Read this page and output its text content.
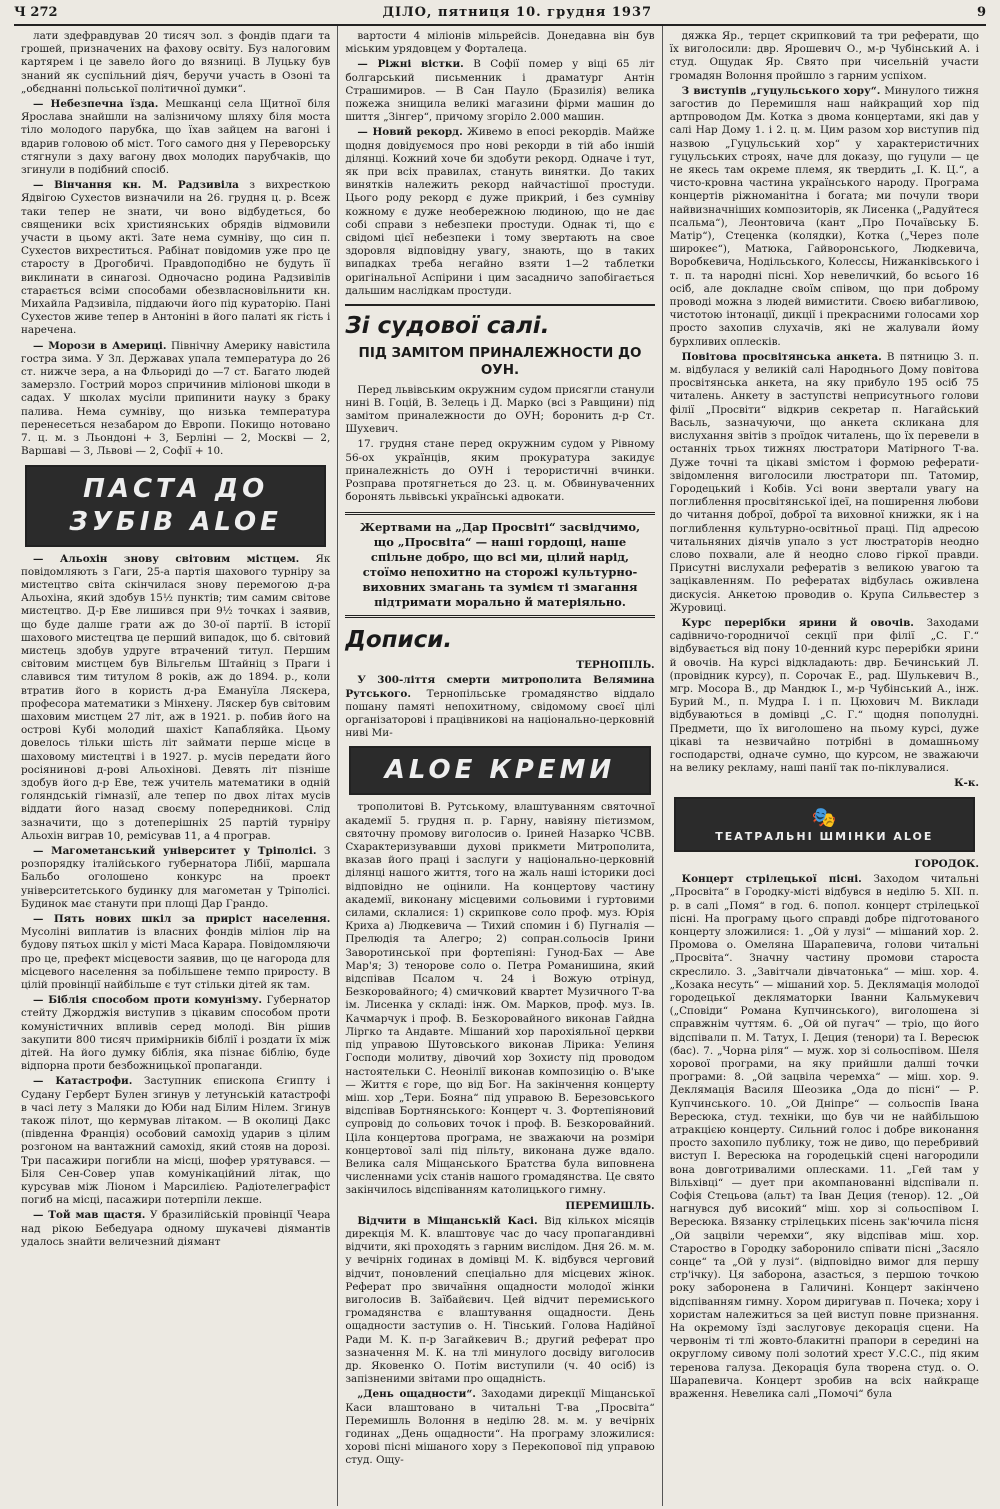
Ч 272	ДІЛО, пятниця 10. грудня 1937	9

лати здефравдував 20 тисяч зол. з фондів пдаги та грошей, призначених на фахову освіту. Буз налоговим картярем і це завело його до вязниці. В Луцьку був знаний як суспільний діяч, беручи участь в Озоні та „обєднанні польської політичної думки“.

— Небезпечна їзда. Мешканці села Щитної біля Ярослава знайшли на залізничому шляху біля моста тіло молодого парубка, що їхав зайцем на вагоні і вдарив головою об міст. Того самого дня у Переворську стягнули з даху вагону двох молодих парубчаків, що згинули в подібний спосіб.

— Вінчання кн. М. Радзивіла з вихресткою Ядвігою Сухестов визначили на 26. грудня ц. р. Всеж таки тепер не знати, чи воно відбудеться, бо священики всіх християнських обрядів відмовили участи в цьому акті. Зате нема сумніву, що син п. Сухестов вихреститься. Рабінат повідомив уже про це старосту в Дрогобичі. Правдоподібно не будуть її виклинати в синагозі. Одночасно родина Радзивілів старається всіми способами обезвласновільнити кн. Михайла Радзивіла, піддаючи його під кураторію. Пані Сухестов живе тепер в Антоніні в його палаті як гість і наречена.

— Морози в Америці. Північну Америку навістила гостра зима. У Зл. Державах упала температура до 26 ст. нижче зера, а на Фльориді до —7 ст. Багато людей замерзло. Гострий мороз спричинив міліонові шкоди в садах. У школах мусіли припинити науку з браку палива. Нема сумніву, що низька температура перенесеться незабаром до Европи. Покищо нотовано 7. ц. м. з Льондоні + 3, Берліні — 2, Москві — 2, Варшаві — 3, Львові — 2, Софії + 10.

ПАСТА ДО ЗУБІВ ALOE

— Альохін знову світовим містцем. Як повідомляють з Гаги, 25-а партія шахового турніру за мистецтво світа скінчилася знову перемогою д-ра Альохіна, який здобув 15½ пунктів; тим самим світове мистецтво. Д-р Еве лишився при 9½ точках і заявив, що буде далше грати аж до 30-ої партії. В історії шахового мистецтва це перший випадок, що б. світовий мистець здобув удруге втрачений титул. Першим світовим мистцем був Вільгельм Штайніц з Праги і славився тим титулом 8 років, аж до 1894. р., коли втратив його в користь д-ра Емануїла Ляскера, професора математики з Мінхену. Ляскер був світовим шаховим мистцем 27 літ, аж в 1921. р. побив його на острові Кубі молодий шахіст Капабляйка. Цьому довелось тільки шість літ займати перше місце в шаховому мистецтві і в 1927. р. мусів передати його росіянинові д-рові Альохінові. Девять літ пізніше здобув його д-р Еве, теж учитель математики в одній голяндській гімназії, але тепер по двох літах мусів віддати його назад своєму попередникові. Слід зазначити, що з дотеперішніх 25 партій турніру Альохін виграв 10, ремісував 11, а 4 програв.

— Магометанський університет у Тріполісі. З розпорядку італійського губернатора Лібії, маршала Бальбо оголошено конкурс на проект університетського будинку для магометан у Тріполісі. Будинок має станути при площі Дар Грандо.

— Пять нових шкіл за приріст населення. Мусоліні виплатив із власних фондів міліон лір на будову пятьох шкіл у місті Маса Карара. Повідомляючи про це, префект місцевости заявив, що це нагорода для місцевого населення за побільшене темпо приросту. В цілій провінції найбільше є тут стільки дітей як там.

— Біблія способом проти комунізму. Губернатор стейту Джорджія виступив з цікавим способом проти комуністичних впливів серед молоді. Він рішив закупити 800 тисяч примірників біблії і роздати їх між дітей. На його думку біблія, яка пізнає біблію, буде відпорна проти безбожницької пропаганди.

— Катастрофи. Заступник єпископа Єгипту і Судану Герберт Булен згинув у летунській катастрофі в часі лету з Маляки до Юби над Білим Нілем. Згинув також пілот, що кермував літаком. — В околиці Дакс (південна Франція) особовий самохід ударив з цілим розгоном на вантажний самохід, який стояв на дорозі. Три пасажири погибли на місці, шофер урятувався. — Біля Сен-Совер упав комунікаційний літак, що курсував між Ліоном і Марсилією. Радіотелеграфіст погиб на місці, пасажири потерпіли лекше.

— Той мав щастя. У бразилійській провінції Чеара над рікою Бебедуара одному шукачеві діямантів удалось знайти величезний діямант

вартости 4 міліонів мільрейсів. Донедавна він був міським урядовцем у Форталеца.

— Ріжні вістки. В Софії помер у віці 65 літ болгарський письменник і драматург Антін Страшимиров. — В Сан Пауло (Бразилія) велика пожежа знищила великі магазини фірми машин до шиття „Зінгер“, причому згоріло 2.000 машин.

— Новий рекорд. Живемо в епосі рекордів. Майже щодня довідуємося про нові рекорди в тій або іншій ділянці. Кожний хоче би здобути рекорд. Одначе і тут, як при всіх правилах, стануть винятки. До таких винятків належить рекорд найчастішої простуди. Цього роду рекорд є дуже прикрий, і без сумніву кожному є дуже необережною людиною, що не дає собі справи з небезпеки простуди. Однак ті, що є свідомі цієї небезпеки і тому звертають на свое здоровля відповідну увагу, знають, що в таких випадках треба негайно взяти 1—2 таблетки оригінальної Аспірини і цим засадничо запобігається дальшим наслідкам простуди.

Зі судової салі.
ПІД ЗАМІТОМ ПРИНАЛЕЖНОСТИ ДО ОУН.

Перед львівським окружним судом присягли станули нині В. Гоцій, В. Зелець і Д. Марко (всі з Равщини) під замітом приналежности до ОУН; боронить д-р Ст. Шухевич.

17. грудня стане перед окружним судом у Рівному 56-ох українців, яким прокуратура закидує приналежність до ОУН і терористичні вчинки. Розправа протягнеться до 23. ц. м. Обвинуваченних боронять львівські українські адвокати.

Жертвами на „Дар Просвіті“ засвідчимо, що „Просвіта“ — наші гордощі, наше спільне добро, що всі ми, цілий нарід, стоїмо непохитно на сторожі культурно-виховних змагань та зумієм ті змагання підтримати морально й матеріяльно.
Дописи.

ТЕРНОПІЛЬ.

У 300-ліття смерти митрополита Велямина Рутського. Тернопільське громадянство віддало пошану памяті непохитному, свідомому своєї цілі організаторові і працівникові на національно-церковній ниві Ми-

ALOE КРЕМИ

трополитові В. Рутському, влаштуванням святочної академії 5. грудня п. р. Гарну, навіяну пієтизмом, святочну промову виголосив о. Іриней Назарко ЧСВВ. Схарактеризувавши духові прикмети Митрополита, вказав його праці і заслуги у національно-церковній ділянці нашого життя, того на жаль наші історики досі відповідно не оцінили. На концертову частину академії, виконану місцевими сольовими і гуртовими силами, склалися: 1) скрипкове соло проф. муз. Юрія Криха а) Людкевича — Тихий спомин і б) Пугналія — Прелюдія та Алегро; 2) сопран.сольосів Ірини Заворотинської при фортепіяні: Гунод-Бах — Аве Мар'я; 3) тенорове соло о. Петра Романишина, який відспівав Псалом ч. 24 і Вожую отрінуд, Безкоровайного; 4) смичковий квартет Музичного Т-ва ім. Лисенка у складі: інж. Ом. Марков, проф. муз. Ів. Качмарчук і проф. В. Безкоровайного виконав Гайдна Ліргко та Андавте. Мішаний хор парохіяльної церкви під управою Шутовського виконав Лірика: Уелиня Господи молитву, дівочий хор Зохисту під проводом настоятельки С. Неонілії виконав композицію о. В'ыке — Життя є горе, що від Бог. На закінчення концерту міш. хор „Тери. Бояна“ під управою В. Березовського відспівав Бортнянського: Концерт ч. 3. Фортепіяновий супровід до сольових точок і проф. В. Безкоровайний. Ціла концертова програма, не зважаючи на розміри концертової залі під пільту, виконана дуже вдало. Велика саля Міщанського Братства була виповнена численнами усіх станів нашого громадянства. Це свято закінчилось відспіванням католицького гимну.

ПЕРЕМИШЛЬ.

Вiдчити в Міщанській Касі. Від кількох місяців дирекція М. К. влаштовує час до часу пропагандивні відчити, які проходять з гарним вислідом. Дня 26. м. м. у вечірніх годинах в домівці М. К. відбувся черговий відчит, поновлений спеціально для місцевих жінок. Реферат про звичаїння ощадности молодої жінки виголосив В. Заїбайєвич. Цей відчит перемиського громадянства є влаштування ощадности. День ощадности заступив о. Н. Тінський. Голова Надійної Ради М. К. п-р Загайкевич В.; другий реферат про зазначення М. К. на тлі минулого досвіду виголосив др. Яковенко О. Потім виступили (ч. 40 осіб) із запізненими звітами про ощадність.

„День ощадности“. Заходами дирекції Міщанської Каси влаштовано в читальні Т-ва „Просвіта“ Перемишль Волоння в неділю 28. м. м. у вечірніх годинах „День ощадности“. На програму зложилися: хорові пісні мішаного хору з Перекопової під управою студ. Ощу-

дяжка Яр., терцет скрипковий та три реферати, що їх виголосили: двр. Ярошевич О., м-р Чубінський А. і студ. Ощудак Яр. Свято при чисельній участи громадян Волоння пройшло з гарним успіхом.

З виступів „гуцульського хору“. Минулого тижня загостив до Перемишля наш найкращий хор під артпроводом Дм. Котка з двома концертами, які дав у салі Нар Дому 1. і 2. ц. м. Цим разом хор виступив під назвою „Гуцульський хор“ у характеристичних гуцульських строях, наче для доказу, що гуцули — це не якесь там окреме племя, як твердить „І. К. Ц.“, а чисто-кровна частина українського народу. Програма концертів ріжноманітна і богата; ми почули твори найвизначніших композиторів, як Лисенка („Радуйтеся псальма“), Леонтовича (кант „Про Почаївську Б. Матір“), Стеценка (колядки), Котка („Через поле широкеє“), Матюка, Гайворонського, Людкевича, Воробкевича, Нодільського, Колессы, Нижанківського і т. п. та народні пісні. Хор невеличкий, бо всього 16 осіб, але докладне своїм співом, що при доброму проводі можна з людей вимистити. Своєю вибагливою, чистотою інтонації, дикції і прекрасними голосами хор просто захопив слухачів, які не жалували йому бурхливих оплесків.

Повітова просвітянська анкета. В пятницю 3. п. м. відбулася у великій салі Народнього Дому повітова просвітянська анкета, на яку прибуло 195 осіб 75 читалень. Анкету в заступстві неприсутнього голови філії „Просвіти“ відкрив секретар п. Нагайський Васьль, зазначуючи, що анкета скликана для вислухання звітів з проїдок читалень, що їх перевели в останніх трьох тижнях люстратори Матірного Т-ва. Дуже точні та цікаві змістом і формою реферати-звідомлення виголосили люстратори пп. Татомир, Городецький і Кобів. Усі вони звертали увагу на поглиблення просвітянської ідеї, на поширення любови до читання доброї, доброї та виховної книжки, як і на поглиблення культурно-освітньої праці. Під адресою читальняних діячів упало з уст люстраторів неодно слово похвали, але й неодно слово гіркої правди. Присутні вислухали рефератів з великою увагою та зацікавленням. По рефератах відбулась оживлена дискусія. Анкетою проводив о. Крупа Сильвестер з Журовиці.

Курс перерібки ярини й овочів. Заходами садівничо-городничої секції при філії „С. Г.“ відбувається від пону 10-денний курс перерібки ярини й овочів. На курсі відкладають: двр. Бечинський Л. (провідник курсу), п. Сорочак Е., рад. Шулькевич В., мгр. Мосора В., др Мандюк І., м-р Чубінський А., інж. Бурий М., п. Мудра І. і п. Цюхович М. Виклади відбуваються в домівці „С. Г.“ щодня пополудні. Предмети, що їх виголошено на пьому курсі, дуже цікаві та незвичайно потрібні в домашньому господарстві, одначе сумно, що курсом, не зважаючи на велику рекламу, наші панії так по-піклувалися.

К-к.

🎭
ТЕАТРАЛЬНІ ШМІНКИ ALOE

ГОРОДОК.

Концерт стрілецької пісні. Заходом читальні „Просвіта“ в Городку-місті відбувся в неділю 5. XII. п. р. в салі „Помя“ в год. 6. попол. концерт стрілецької пісні. На програму цього справді добре підготованого концерту зложилися: 1. „Ой у лузі“ — мішаний хор. 2. Промова о. Омеляна Шарапевича, голови читальні „Просвіта“. Значну частину промови староста скреслило. 3. „Завітчали дівчатонька“ — міш. хор. 4. „Козака несуть“ — мішаний хор. 5. Деклямація молодої городецької декляматорки Іванни Кальмукевич („Сповіди“ Романа Купчинського), виголошена зі справжнім чуттям. 6. „Ой ой пугач“ — тріо, що його відспівали п. М. Татух, І. Деция (тенори) та І. Вересюк (бас). 7. „Чорна ріля“ — муж. хор зі сольоспівом. Шеля хорової програми, на яку прийшли далші точки програми: 8. „Ой зацвіла черемха“ — міш. хор. 9. Деклямація Василя Шеозика „Ода до пісні“ — Р. Купчинського. 10. „Ой Дніпре“ — сольоспів Івана Вересюка, студ. техніки, що був чи не найбільшою атракцією концерту. Сильний голос і добре виконання просто захопило публику, тож не диво, що перебривий виступ І. Вересюка на городецькій сцені нагородили вона довготривалими оплесками. 11. „Гей там у Вільхівці“ — дует при акомпанованні відспівали п. Софія Стецьова (альт) та Іван Деция (тенор). 12. „Ой нагнувся дуб високий“ міш. хор зі сольоспівом І. Вересюка. Вязанку стрілецьких пісень зак'ючила пісня „Ой зацвіли черемхи“, яку відспівав міш. хор. Староство в Городку заборонило співати пісні „Засяло сонце“ та „Ой у лузі“. (відповідно вимог для першу стр'ічку). Ця заборона, азасться, з першою точкою року заборонена в Галичині. Концерт закінчено відспіванням гимну. Хором диригував п. Почека; хору і хористам належиться за цей виступ повне признання. На окремому їзді заслуговує декорація сцени. На червонім ті тлі жовто-блакитні прапори в середині на округлому сивому полі золотий хрест У.С.С., під яким теренова галуза. Декорація була творена студ. о. О. Шарапевича. Концерт зробив на всіх найкраще враження. Невелика салі „Помочі“ була
